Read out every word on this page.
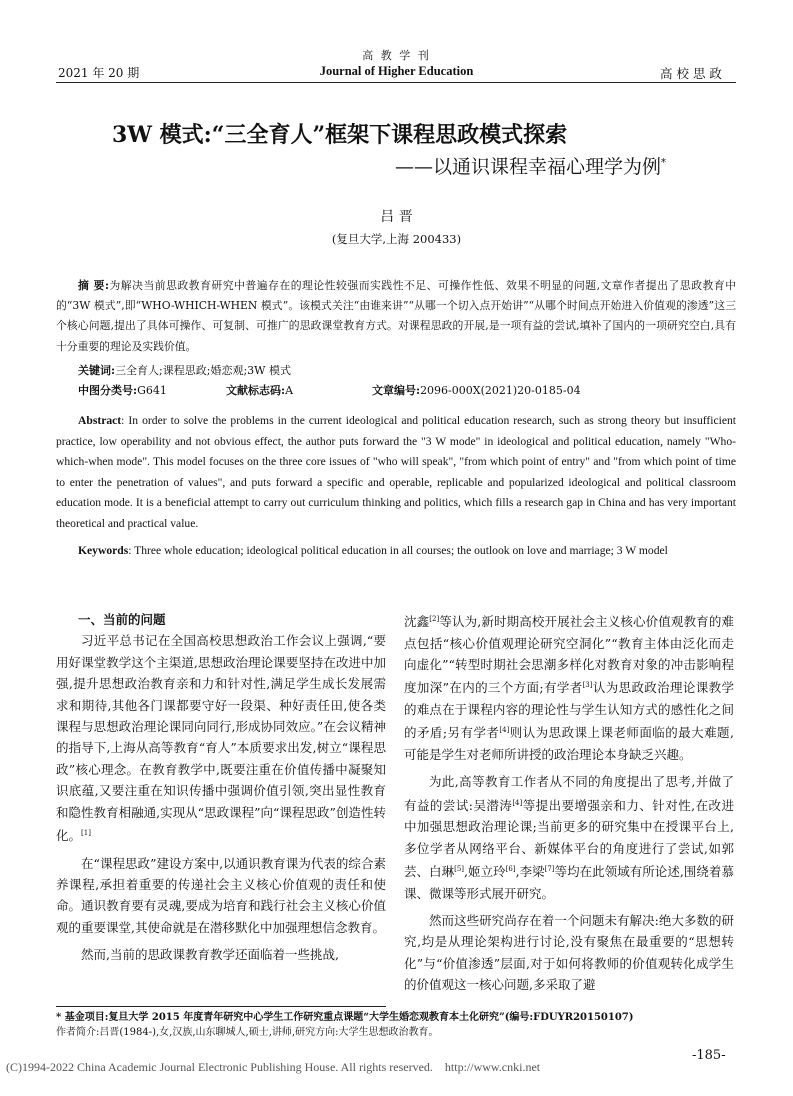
高 教 学 刊
2021 年 20 期	Journal of Higher Education	高 校 思 政
3W 模式:“三全育人”框架下课程思政模式探索
——以通识课程幸福心理学为例*
吕 晋
(复旦大学,上海 200433)
摘 要:为解决当前思政教育研究中普遍存在的理论性较强而实践性不足、可操作性低、效果不明显的问题,文章作者提出了思政教育中的“3W 模式”,即“WHO-WHICH-WHEN 模式”。该模式关注“由谁来讲”“从哪一个切入点开始讲”“从哪个时间点开始进入价值观的渗透”这三个核心问题,提出了具体可操作、可复制、可推广的思政课堂教育方式。对课程思政的开展,是一项有益的尝试,填补了国内的一项研究空白,具有十分重要的理论及实践价值。
关键词:三全育人;课程思政;婚恋观;3W 模式
中图分类号:G641	文献标志码:A	文章编号:2096-000X(2021)20-0185-04
Abstract: In order to solve the problems in the current ideological and political education research, such as strong theory but insufficient practice, low operability and not obvious effect, the author puts forward the "3 W mode" in ideological and political education, namely "Who-which-when mode". This model focuses on the three core issues of "who will speak", "from which point of entry" and "from which point of time to enter the penetration of values", and puts forward a specific and operable, replicable and popularized ideological and political classroom education mode. It is a beneficial attempt to carry out curriculum thinking and politics, which fills a research gap in China and has very important theoretical and practical value.
Keywords: Three whole education; ideological political education in all courses; the outlook on love and marriage; 3 W model

一、当前的问题

习近平总书记在全国高校思想政治工作会议上强调,“要用好课堂教学这个主渠道,思想政治理论课要坚持在改进中加强,提升思想政治教育亲和力和针对性,满足学生成长发展需求和期待,其他各门课都要守好一段渠、种好责任田,使各类课程与思想政治理论课同向同行,形成协同效应。”在会议精神的指导下,上海从高等教育“育人”本质要求出发,树立“课程思政”核心理念。在教育教学中,既要注重在价值传播中凝聚知识底蕴,又要注重在知识传播中强调价值引领,突出显性教育和隐性教育相融通,实现从“思政课程”向“课程思政”创造性转化。[1]

在“课程思政”建设方案中,以通识教育课为代表的综合素养课程,承担着重要的传递社会主义核心价值观的责任和使命。通识教育要有灵魂,要成为培育和践行社会主义核心价值观的重要课堂,其使命就是在潜移默化中加强理想信念教育。

然而,当前的思政课教育教学还面临着一些挑战,

沈鑫[2]等认为,新时期高校开展社会主义核心价值观教育的难点包括“核心价值观理论研究空洞化”“教育主体由泛化而走向虚化”“转型时期社会思潮多样化对教育对象的冲击影响程度加深”在内的三个方面;有学者[3]认为思政政治理论课教学的难点在于课程内容的理论性与学生认知方式的感性化之间的矛盾;另有学者[4]则认为思政课上课老师面临的最大难题,可能是学生对老师所讲授的政治理论本身缺乏兴趣。

为此,高等教育工作者从不同的角度提出了思考,并做了有益的尝试:吴潜涛[4]等提出要增强亲和力、针对性,在改进中加强思想政治理论课;当前更多的研究集中在授课平台上,多位学者从网络平台、新媒体平台的角度进行了尝试,如郭芸、白琳[5],姬立玲[6],李梁[7]等均在此领域有所论述,围绕着慕课、微课等形式展开研究。

然而这些研究尚存在着一个问题未有解决:绝大多数的研究,均是从理论架构进行讨论,没有聚焦在最重要的“思想转化”与“价值渗透”层面,对于如何将教师的价值观转化成学生的价值观这一核心问题,多采取了避

* 基金项目:复旦大学 2015 年度青年研究中心学生工作研究重点课题“大学生婚恋观教育本土化研究”(编号:FDUYR20150107)
作者简介:吕晋(1984-),女,汉族,山东聊城人,硕士,讲师,研究方向:大学生思想政治教育。
-185-
(C)1994-2022 China Academic Journal Electronic Publishing House. All rights reserved.    http://www.cnki.net
